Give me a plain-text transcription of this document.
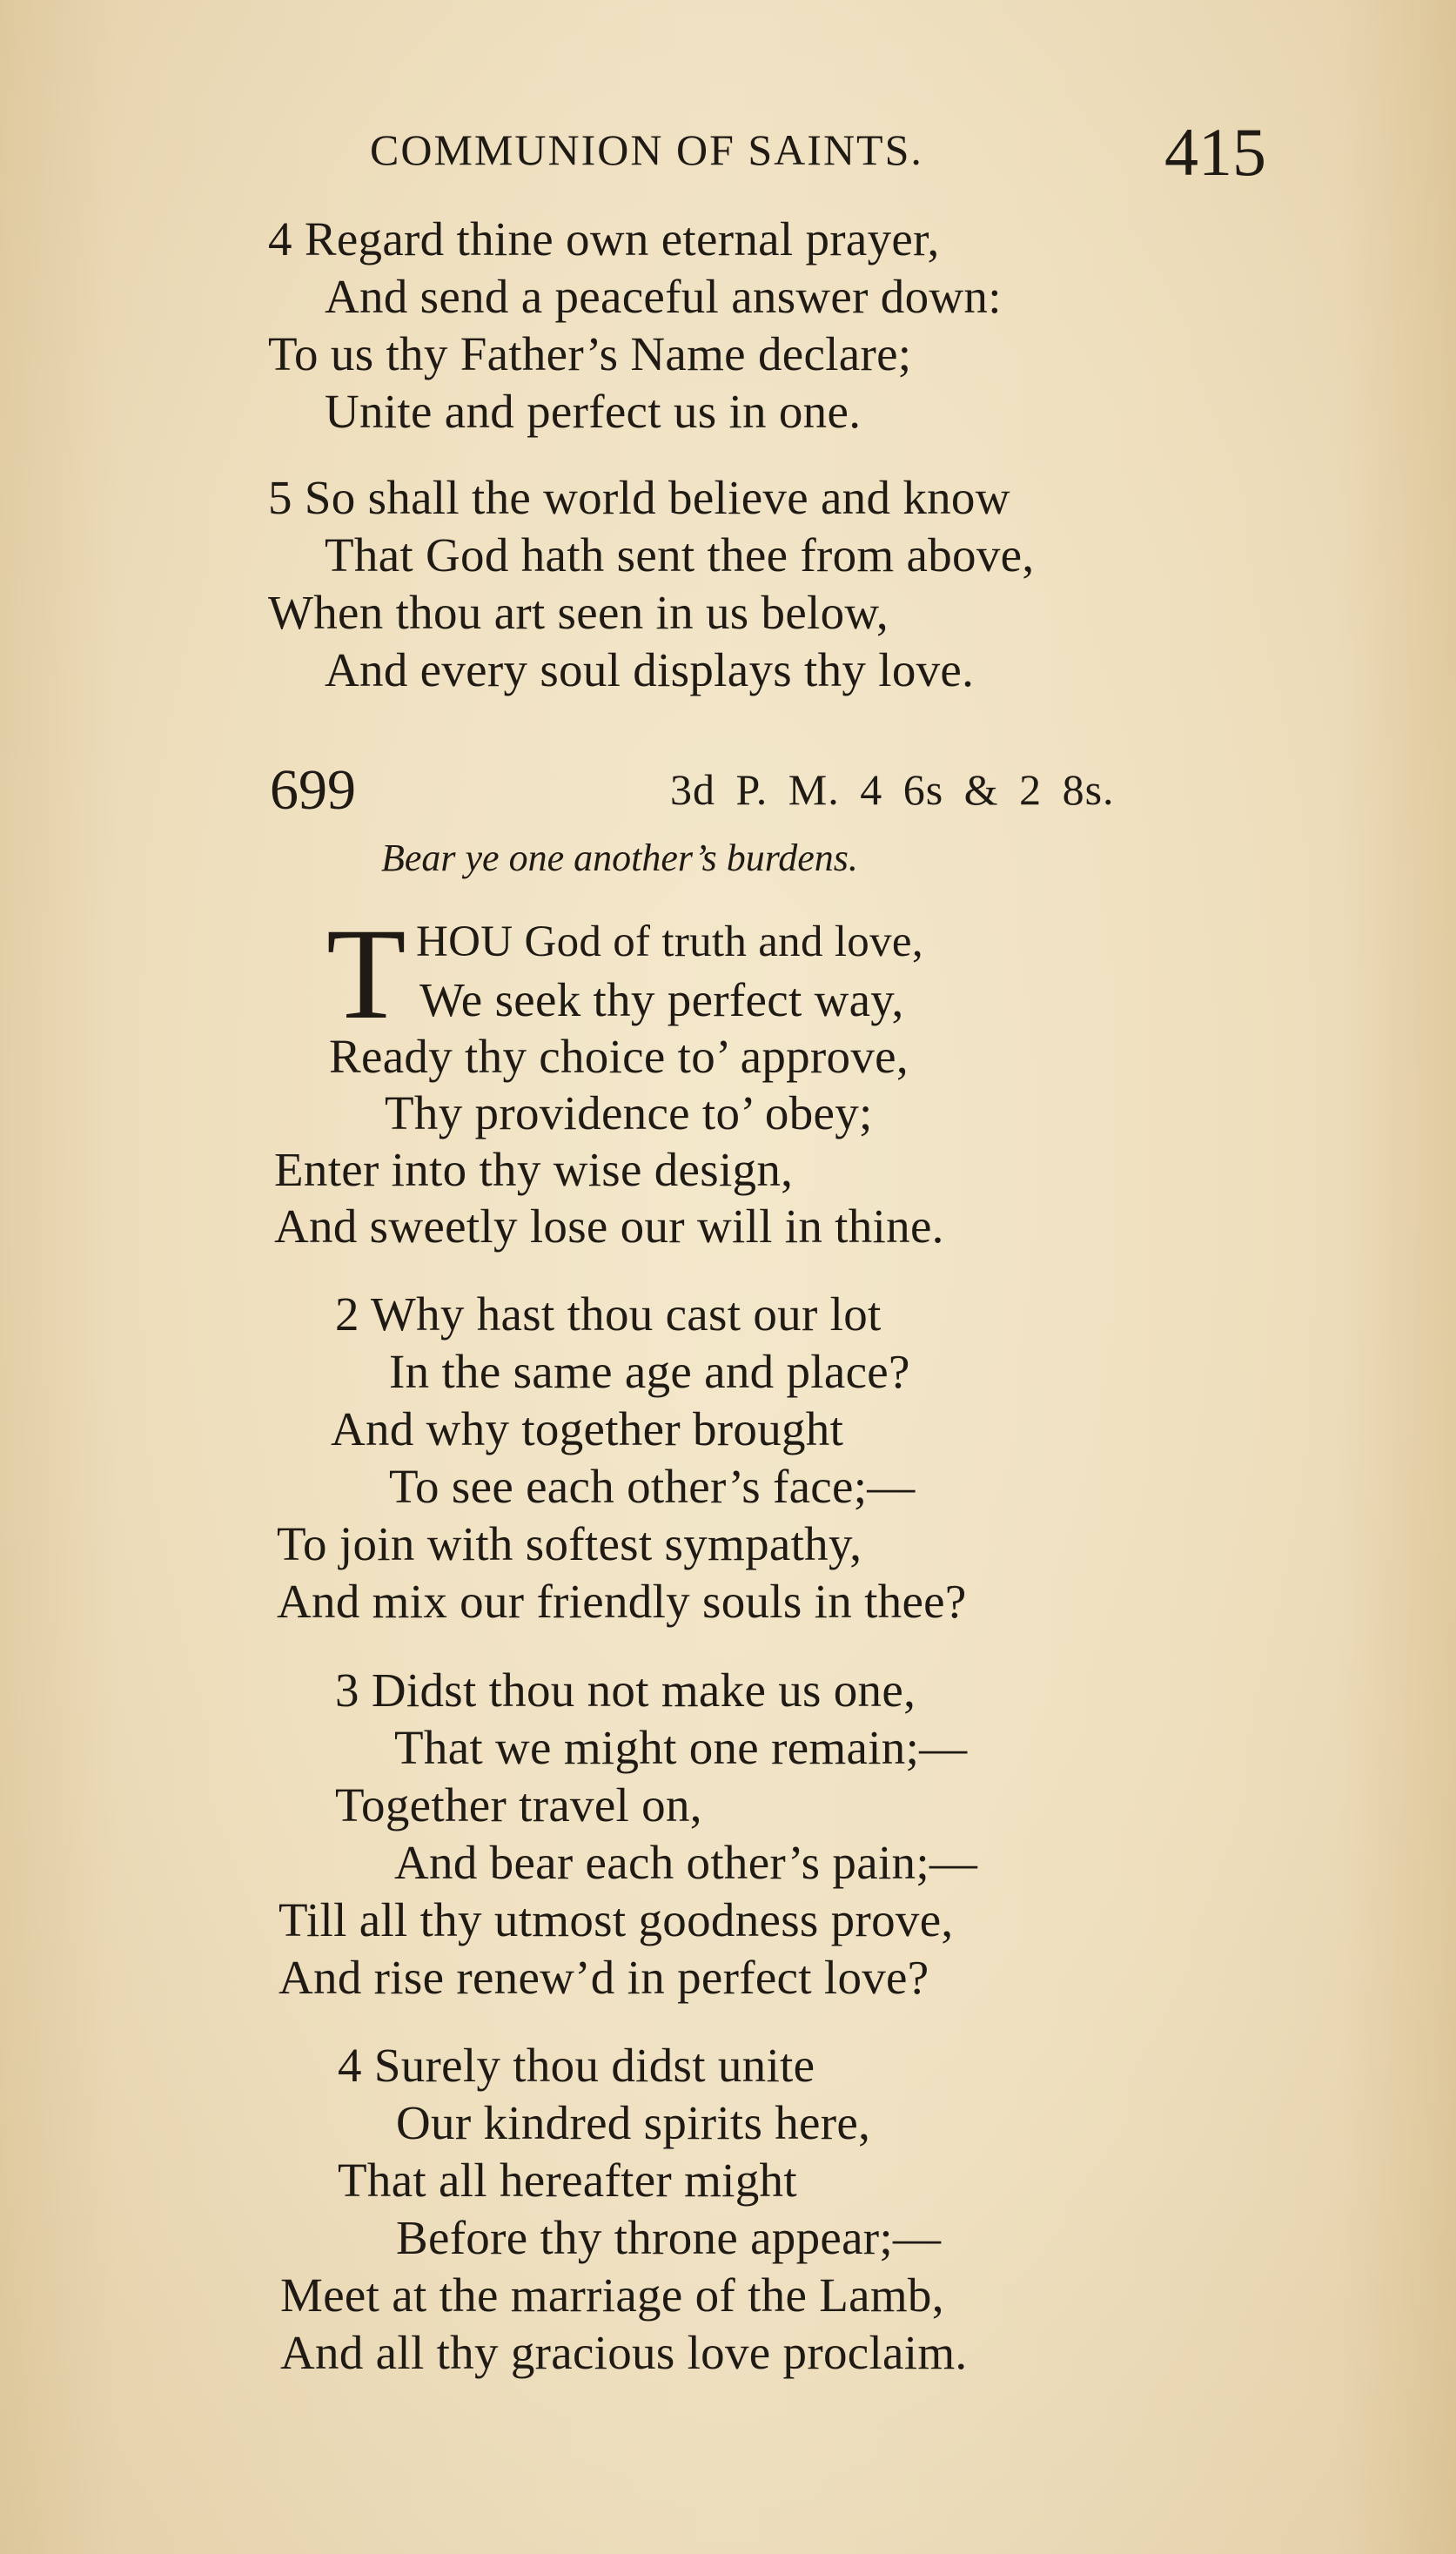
COMMUNION OF SAINTS.	415
4 Regard thine own eternal prayer,
And send a peaceful answer down:
To us thy Father’s Name declare;
Unite and perfect us in one.
5 So shall the world believe and know
That God hath sent thee from above,
When thou art seen in us below,
And every soul displays thy love.
699	3d P. M. 4 6s & 2 8s.
Bear ye one another’s burdens.
T HOU God of truth and love,
We seek thy perfect way,
Ready thy choice to’ approve,
Thy providence to’ obey;
Enter into thy wise design,
And sweetly lose our will in thine.
2 Why hast thou cast our lot
In the same age and place?
And why together brought
To see each other’s face;—
To join with softest sympathy,
And mix our friendly souls in thee?
3 Didst thou not make us one,
That we might one remain;—
Together travel on,
And bear each other’s pain;—
Till all thy utmost goodness prove,
And rise renew’d in perfect love?
4 Surely thou didst unite
Our kindred spirits here,
That all hereafter might
Before thy throne appear;—
Meet at the marriage of the Lamb,
And all thy gracious love proclaim.
